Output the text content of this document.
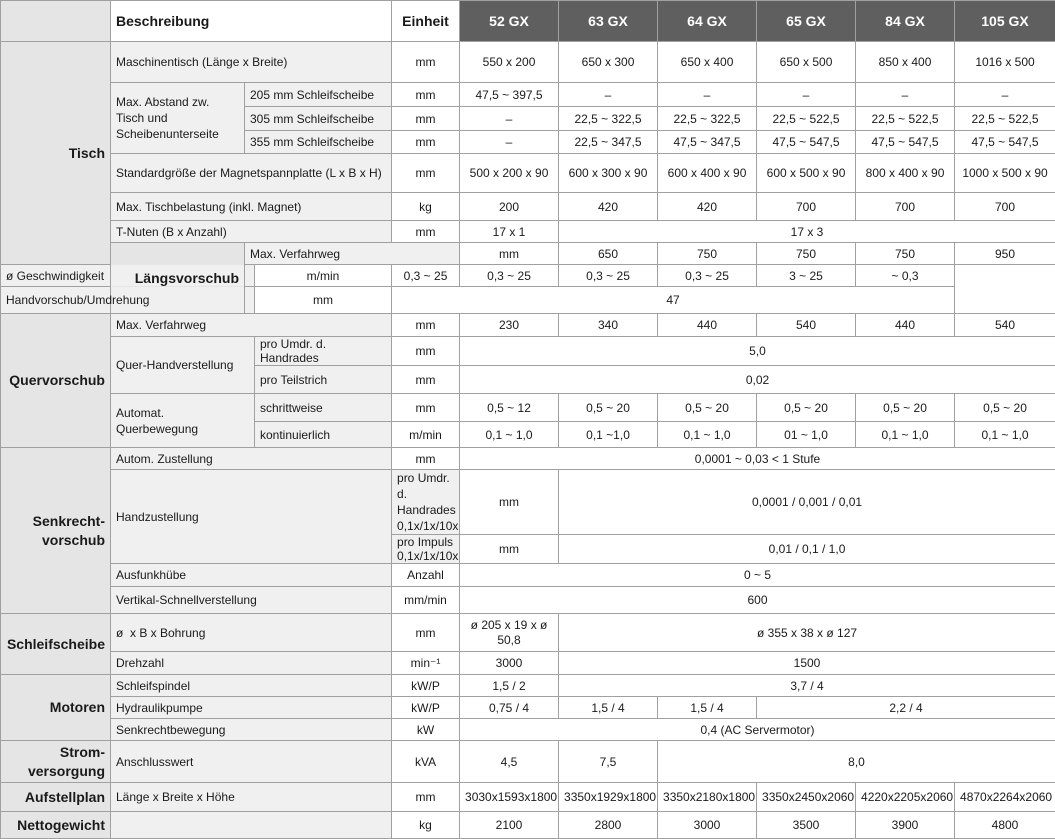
	Beschreibung			Einheit	52 GX	63 GX	64 GX	65 GX	84 GX	105 GX	
Tisch	Maschinentisch (Länge x Breite)			mm	550 x 200	650 x 300	650 x 400	650 x 500	850 x 400	1016 x 500	
	Max. Abstand zw. Tisch und Scheibenunterseite	205 mm Schleifscheibe		mm	47,5 ~ 397,5	–	–	–	–	–	
		305 mm Schleifscheibe		mm	–	22,5 ~ 322,5	22,5 ~ 322,5	22,5 ~ 522,5	22,5 ~ 522,5	22,5 ~ 522,5	
		355 mm Schleifscheibe		mm	–	22,5 ~ 347,5	47,5 ~ 347,5	47,5 ~ 547,5	47,5 ~ 547,5	47,5 ~ 547,5	
	Standardgröße der Magnetspannplatte (L x B x H)			mm	500 x 200 x 90	600 x 300 x 90	600 x 400 x 90	600 x 500 x 90	800 x 400 x 90	1000 x 500 x 90	
	Max. Tischbelastung (inkl. Magnet)			kg	200	420	420	700	700	700	
	T-Nuten (B x Anzahl)			mm	17 x 1	17 x 3					
	Längsvorschub	Max. Verfahrweg			mm	650	750	750	750	950	
ø Geschwindigkeit			m/min	0,3 ~ 25	0,3 ~ 25	0,3 ~ 25	0,3 ~ 25	3 ~ 25	~ 0,3		
Handvorschub/Umdrehung			mm	47							
Quervorschub	Max. Verfahrweg			mm	230	340	440	540	440	540	
	Quer-Handverstellung		pro Umdr. d. Handrades	mm	5,0						
			pro Teilstrich	mm	0,02						

	Automat. Querbewegung		schrittweise	mm	0,5 ~ 12	0,5 ~ 20	0,5 ~ 20	0,5 ~ 20	0,5 ~ 20	0,5 ~ 20	
			kontinuierlich	m/min	0,1 ~ 1,0	0,1 ~1,0	0,1 ~ 1,0	01 ~ 1,0	0,1 ~ 1,0	0,1 ~ 1,0	
Senkrecht-
vorschub	Autom. Zustellung			mm	0,0001 ~ 0,03 < 1 Stufe						
	Handzustellung			pro Umdr. d. Handrades 0,1x/1x/10x	mm	0,0001 / 0,001 / 0,01					
				pro Impuls 0,1x/1x/10x	mm	0,01 / 0,1 / 1,0					
	Ausfunkhübe			Anzahl	0 ~ 5						
	Vertikal-Schnellverstellung			mm/min	600						
Schleifscheibe	ø  x B x Bohrung			mm	ø 205 x 19 x ø 50,8	ø 355 x 38 x ø 127					
	Drehzahl			min⁻¹	3000	1500					
Motoren	Schleifspindel			kW/P	1,5 / 2	3,7 / 4					
	Hydraulikpumpe			kW/P	0,75 / 4	1,5 / 4	1,5 / 4	2,2 / 4			
	Senkrechtbewegung			kW	0,4 (AC Servermotor)						
Strom-
versorgung	Anschlusswert			kVA	4,5	7,5	8,0				
Aufstellplan	Länge x Breite x Höhe			mm	3030x1593x1800	3350x1929x1800	3350x2180x1800	3350x2450x2060	4220x2205x2060	4870x2264x2060	
Nettogewicht				kg	2100	2800	3000	3500	3900	4800	
